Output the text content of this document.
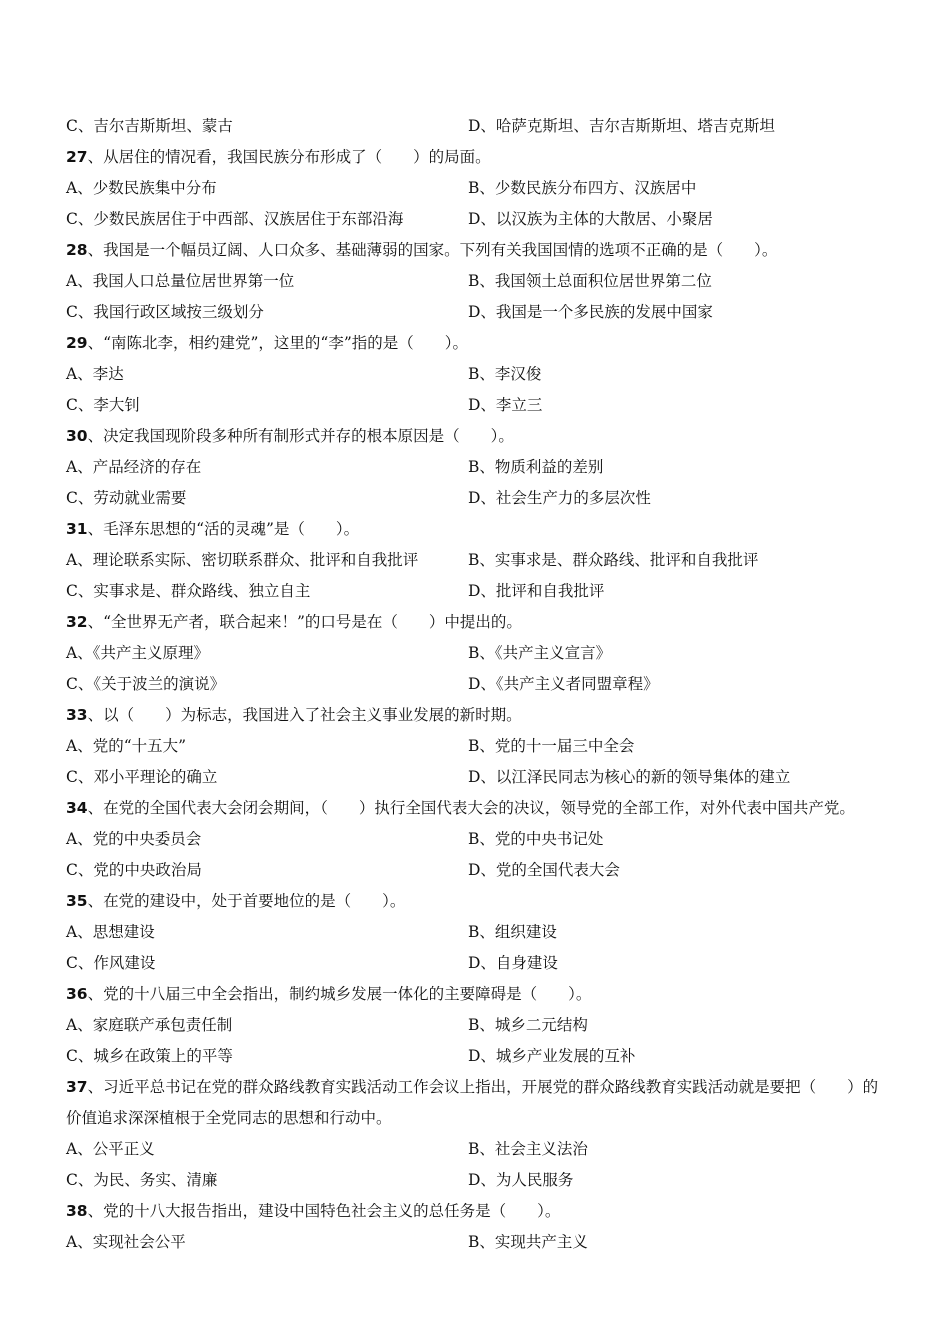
C、吉尔吉斯斯坦、蒙古	D、哈萨克斯坦、吉尔吉斯斯坦、塔吉克斯坦
27、从居住的情况看，我国民族分布形成了（　　）的局面。
A、少数民族集中分布	B、少数民族分布四方、汉族居中
C、少数民族居住于中西部、汉族居住于东部沿海	D、以汉族为主体的大散居、小聚居
28、我国是一个幅员辽阔、人口众多、基础薄弱的国家。下列有关我国国情的选项不正确的是（　　）。
A、我国人口总量位居世界第一位	B、我国领土总面积位居世界第二位
C、我国行政区域按三级划分	D、我国是一个多民族的发展中国家
29、“南陈北李，相约建党”，这里的“李”指的是（　　）。
A、李达	B、李汉俊
C、李大钊	D、李立三
30、决定我国现阶段多种所有制形式并存的根本原因是（　　）。
A、产品经济的存在	B、物质利益的差别
C、劳动就业需要	D、社会生产力的多层次性
31、毛泽东思想的“活的灵魂”是（　　）。
A、理论联系实际、密切联系群众、批评和自我批评	B、实事求是、群众路线、批评和自我批评
C、实事求是、群众路线、独立自主	D、批评和自我批评
32、“全世界无产者，联合起来！”的口号是在（　　）中提出的。
A、《共产主义原理》	B、《共产主义宣言》
C、《关于波兰的演说》	D、《共产主义者同盟章程》
33、以（　　）为标志，我国进入了社会主义事业发展的新时期。
A、党的“十五大”	B、党的十一届三中全会
C、邓小平理论的确立	D、以江泽民同志为核心的新的领导集体的建立
34、在党的全国代表大会闭会期间，（　　）执行全国代表大会的决议，领导党的全部工作，对外代表中国共产党。
A、党的中央委员会	B、党的中央书记处
C、党的中央政治局	D、党的全国代表大会
35、在党的建设中，处于首要地位的是（　　）。
A、思想建设	B、组织建设
C、作风建设	D、自身建设
36、党的十八届三中全会指出，制约城乡发展一体化的主要障碍是（　　）。
A、家庭联产承包责任制	B、城乡二元结构
C、城乡在政策上的平等	D、城乡产业发展的互补
37、习近平总书记在党的群众路线教育实践活动工作会议上指出，开展党的群众路线教育实践活动就是要把（　　）的价值追求深深植根于全党同志的思想和行动中。
A、公平正义	B、社会主义法治
C、为民、务实、清廉	D、为人民服务
38、党的十八大报告指出，建设中国特色社会主义的总任务是（　　）。
A、实现社会公平	B、实现共产主义
